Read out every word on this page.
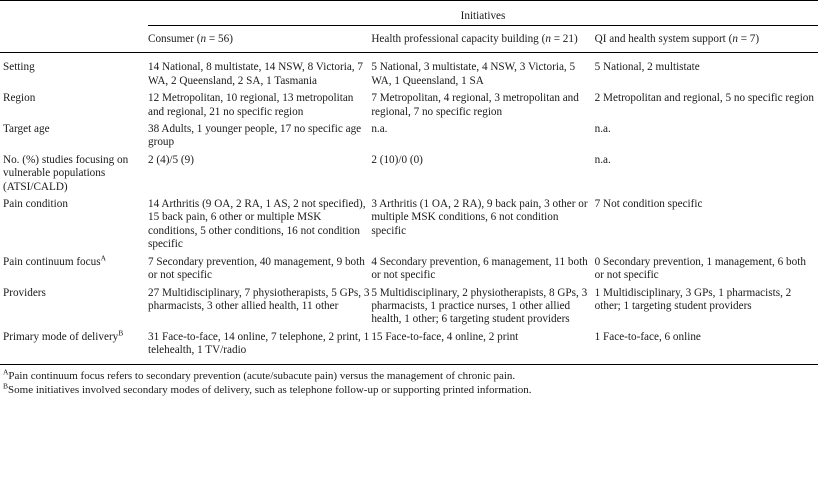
	Initiatives		

	Consumer (n = 56)	Health professional capacity building (n = 21)	QI and health system support (n = 7)
Setting	14 National, 8 multistate, 14 NSW, 8 Victoria, 7 WA, 2 Queensland, 2 SA, 1 Tasmania	5 National, 3 multistate, 4 NSW, 3 Victoria, 5 WA, 1 Queensland, 1 SA	5 National, 2 multistate
Region	12 Metropolitan, 10 regional, 13 metropolitan and regional, 21 no specific region	7 Metropolitan, 4 regional, 3 metropolitan and regional, 7 no specific region	2 Metropolitan and regional, 5 no specific region
Target age	38 Adults, 1 younger people, 17 no specific age group	n.a.	n.a.
No. (%) studies focusing on vulnerable populations (ATSI/CALD)	2 (4)/5 (9)	2 (10)/0 (0)	n.a.
Pain condition	14 Arthritis (9 OA, 2 RA, 1 AS, 2 not specified), 15 back pain, 6 other or multiple MSK conditions, 5 other conditions, 16 not condition specific	3 Arthritis (1 OA, 2 RA), 9 back pain, 3 other or multiple MSK conditions, 6 not condition specific	7 Not condition specific
Pain continuum focus$^A$	7 Secondary prevention, 40 management, 9 both or not specific	4 Secondary prevention, 6 management, 11 both or not specific	0 Secondary prevention, 1 management, 6 both or not specific
Providers	27 Multidisciplinary, 7 physiotherapists, 5 GPs, 3 pharmacists, 3 other allied health, 11 other	5 Multidisciplinary, 2 physiotherapists, 8 GPs, 3 pharmacists, 1 practice nurses, 1 other allied health, 1 other; 6 targeting student providers	1 Multidisciplinary, 3 GPs, 1 pharmacists, 2 other; 1 targeting student providers
Primary mode of delivery$^B$	31 Face-to-face, 14 online, 7 telephone, 2 print, 1 telehealth, 1 TV/radio	15 Face-to-face, 4 online, 2 print	1 Face-to-face, 6 online

$^A$Pain continuum focus refers to secondary prevention (acute/subacute pain) versus the management of chronic pain.
$^B$Some initiatives involved secondary modes of delivery, such as telephone follow-up or supporting printed information.
